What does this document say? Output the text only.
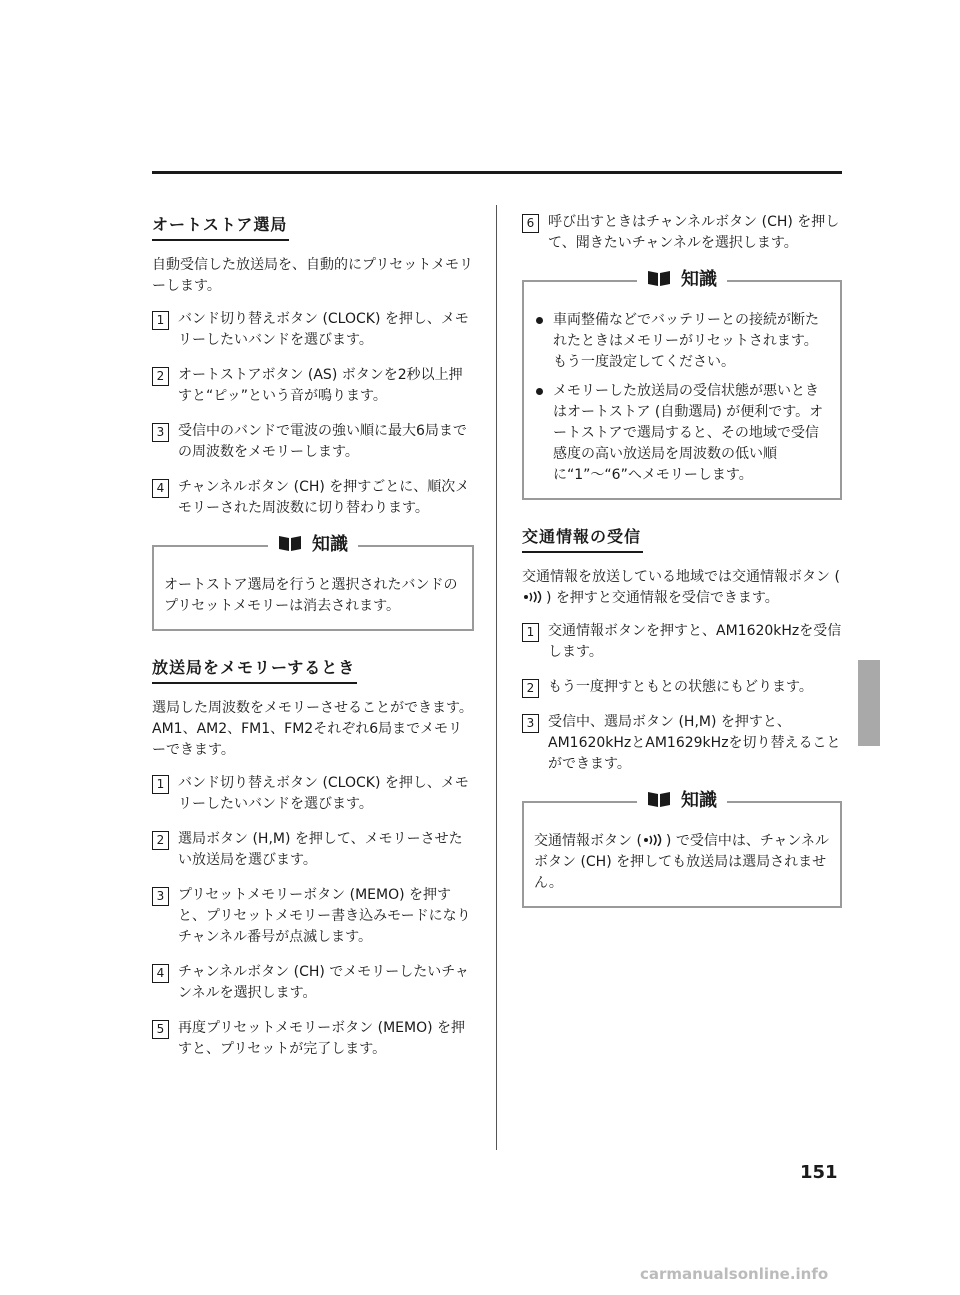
オートストア選局

自動受信した放送局を、自動的にプリセットメモリーします。

1 バンド切り替えボタン (CLOCK) を押し、メモリーしたいバンドを選びます。
2 オートストアボタン (AS) ボタンを2秒以上押すと“ピッ”という音が鳴ります。
3 受信中のバンドで電波の強い順に最大6局までの周波数をメモリーします。
4 チャンネルボタン (CH) を押すごとに、順次メモリーされた周波数に切り替わります。
知識

オートストア選局を行うと選択されたバンドのプリセットメモリーは消去されます。

放送局をメモリーするとき

選局した周波数をメモリーさせることができます。

AM1、AM2、FM1、FM2それぞれ6局までメモリーできます。

1 バンド切り替えボタン (CLOCK) を押し、メモリーしたいバンドを選びます。
2 選局ボタン (H,M) を押して、メモリーさせたい放送局を選びます。
3 プリセットメモリーボタン (MEMO) を押すと、プリセットメモリー書き込みモードになりチャンネル番号が点滅します。
4 チャンネルボタン (CH) でメモリーしたいチャンネルを選択します。
5 再度プリセットメモリーボタン (MEMO) を押すと、プリセットが完了します。
6 呼び出すときはチャンネルボタン (CH) を押して、聞きたいチャンネルを選択します。
知識
車両整備などでバッテリーとの接続が断たれたときはメモリーがリセットされます。もう一度設定してください。
メモリーした放送局の受信状態が悪いときはオートストア (自動選局) が便利です。オートストアで選局すると、その地域で受信感度の高い放送局を周波数の低い順に“1”〜“6”へメモリーします。
交通情報の受信

交通情報を放送している地域では交通情報ボタン () を押すと交通情報を受信できます。

1 交通情報ボタンを押すと、AM1620kHzを受信します。
2 もう一度押すともとの状態にもどります。
3 受信中、選局ボタン (H,M) を押すと、AM1620kHzとAM1629kHzを切り替えることができます。
知識

交通情報ボタン ( ) で受信中は、チャンネルボタン (CH) を押しても放送局は選局されません。

151
carmanualsonline.info
